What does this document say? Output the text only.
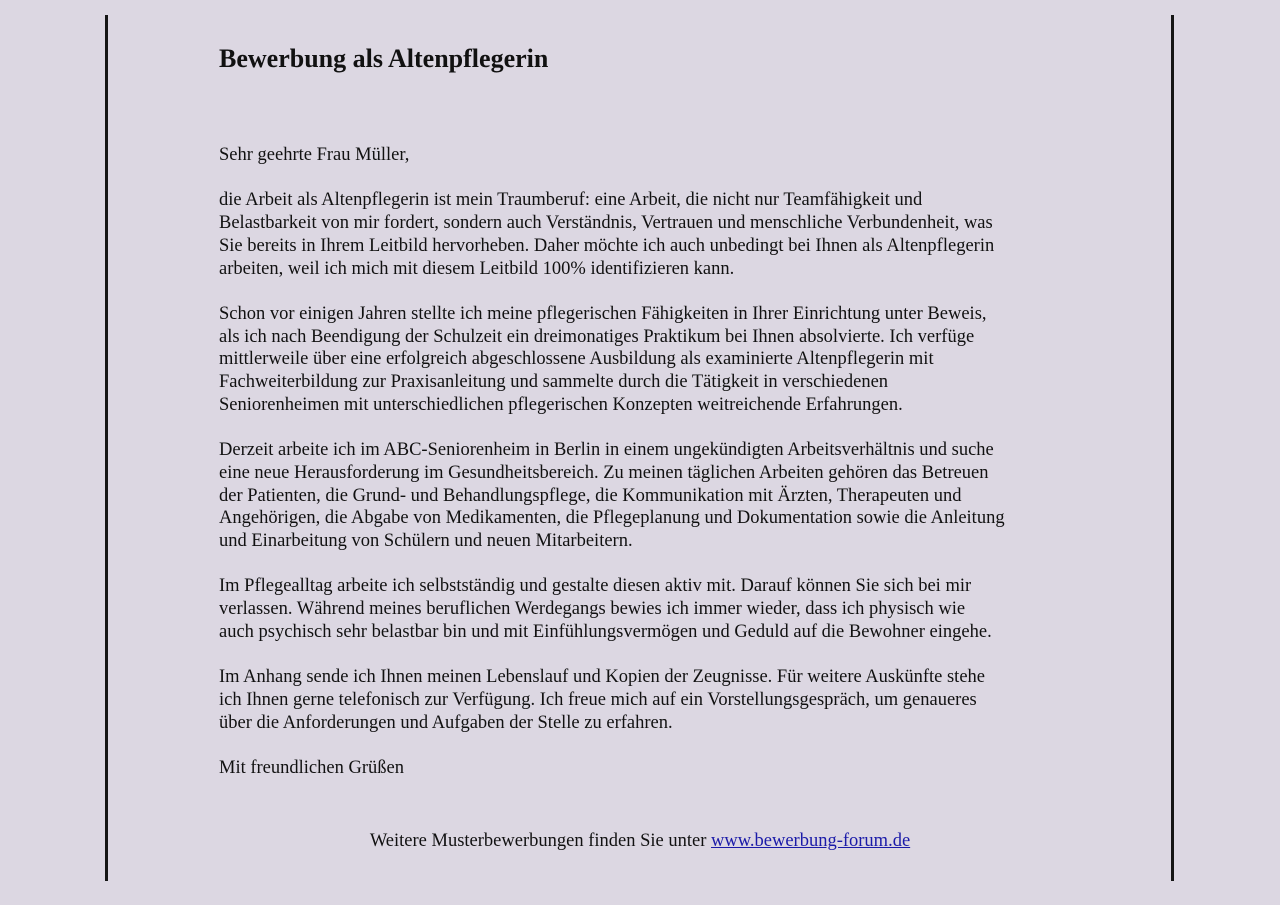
Bewerbung als Altenpflegerin
Sehr geehrte Frau Müller,

die Arbeit als Altenpflegerin ist mein Traumberuf: eine Arbeit, die nicht nur Teamfähigkeit und
Belastbarkeit von mir fordert, sondern auch Verständnis, Vertrauen und menschliche Verbundenheit, was
Sie bereits in Ihrem Leitbild hervorheben. Daher möchte ich auch unbedingt bei Ihnen als Altenpflegerin
arbeiten, weil ich mich mit diesem Leitbild 100% identifizieren kann.

Schon vor einigen Jahren stellte ich meine pflegerischen Fähigkeiten in Ihrer Einrichtung unter Beweis,
als ich nach Beendigung der Schulzeit ein dreimonatiges Praktikum bei Ihnen absolvierte. Ich verfüge
mittlerweile über eine erfolgreich abgeschlossene Ausbildung als examinierte Altenpflegerin mit
Fachweiterbildung zur Praxisanleitung und sammelte durch die Tätigkeit in verschiedenen
Seniorenheimen mit unterschiedlichen pflegerischen Konzepten weitreichende Erfahrungen.

Derzeit arbeite ich im ABC-Seniorenheim in Berlin in einem ungekündigten Arbeitsverhältnis und suche
eine neue Herausforderung im Gesundheitsbereich. Zu meinen täglichen Arbeiten gehören das Betreuen
der Patienten, die Grund- und Behandlungspflege, die Kommunikation mit Ärzten, Therapeuten und
Angehörigen, die Abgabe von Medikamenten, die Pflegeplanung und Dokumentation sowie die Anleitung
und Einarbeitung von Schülern und neuen Mitarbeitern.

Im Pflegealltag arbeite ich selbstständig und gestalte diesen aktiv mit. Darauf können Sie sich bei mir
verlassen. Während meines beruflichen Werdegangs bewies ich immer wieder, dass ich physisch wie
auch psychisch sehr belastbar bin und mit Einfühlungsvermögen und Geduld auf die Bewohner eingehe.

Im Anhang sende ich Ihnen meinen Lebenslauf und Kopien der Zeugnisse. Für weitere Auskünfte stehe
ich Ihnen gerne telefonisch zur Verfügung. Ich freue mich auf ein Vorstellungsgespräch, um genaueres
über die Anforderungen und Aufgaben der Stelle zu erfahren.

Mit freundlichen Grüßen
Weitere Musterbewerbungen finden Sie unter www.bewerbung-forum.de
